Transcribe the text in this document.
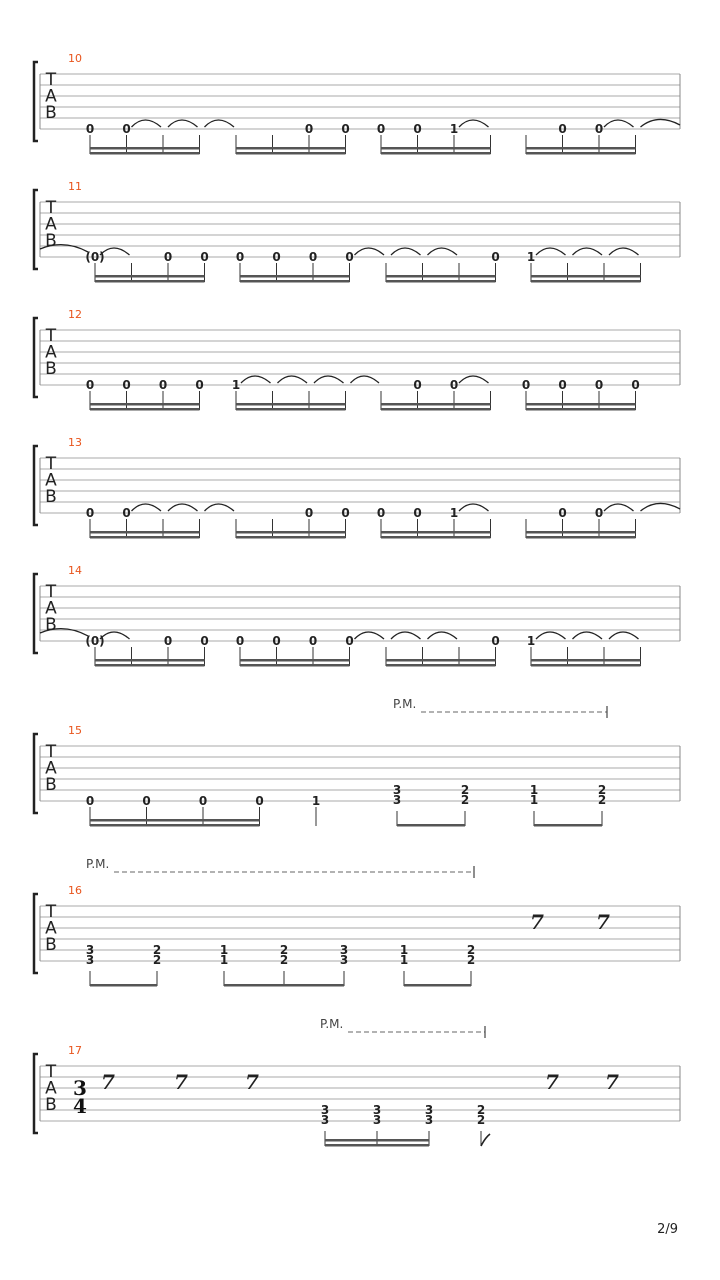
T
A
B
10
0 0	0 0 0 0 1	0 0
T
A
B
11
(0)	0 0 0 0 0 0	0 1
T
A
B
12
0 0 0 0 1	0 0	0 0 0 0
T
A
B
13
0 0	0 0 0 0 1	0 0
T
A
B
14
(0)	0 0 0 0 0 0	0 1
T
A
B
15
P.M.
0	0	0	0	1
3
3
2
2
1
1
2
2
T
A
B
16
P.M.
7	7
3
3
2
2
1
1
2
2
3
3
1
1
2
2
T
A
B
17
3
4
P.M.
7	7	7	7 7
3
3
3
3
3
3
2
2
2/9
